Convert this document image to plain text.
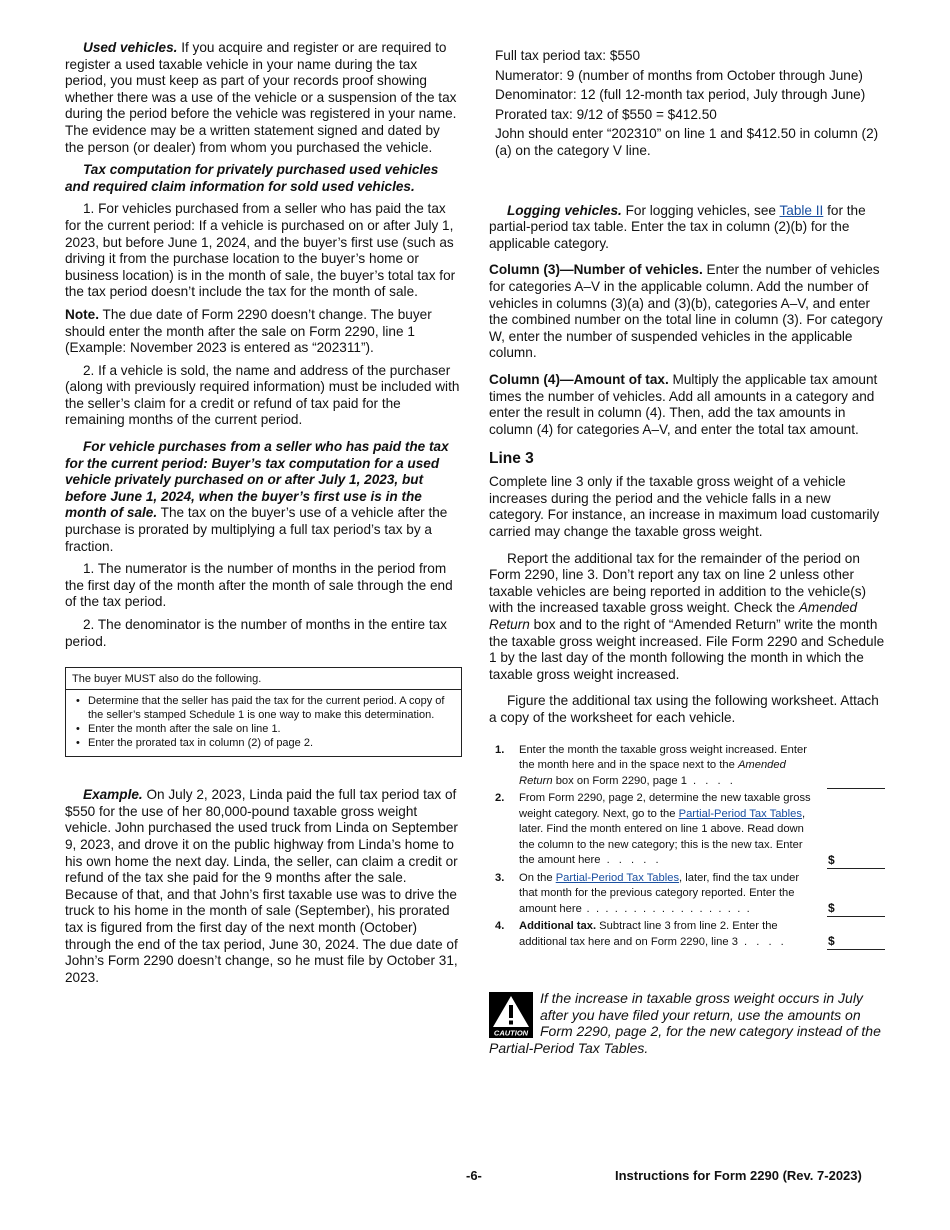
Used vehicles. If you acquire and register or are required to register a used taxable vehicle in your name during the tax period, you must keep as part of your records proof showing whether there was a use of the vehicle or a suspension of the tax during the period before the vehicle was registered in your name. The evidence may be a written statement signed and dated by the person (or dealer) from whom you purchased the vehicle.

Tax computation for privately purchased used vehicles and required claim information for sold used vehicles.

1. For vehicles purchased from a seller who has paid the tax for the current period: If a vehicle is purchased on or after July 1, 2023, but before June 1, 2024, and the buyer’s first use (such as driving it from the purchase location to the buyer’s home or business location) is in the month of sale, the buyer’s total tax for the tax period doesn’t include the tax for the month of sale.

Note. The due date of Form 2290 doesn’t change. The buyer should enter the month after the sale on Form 2290, line 1 (Example: November 2023 is entered as “202311”).

2. If a vehicle is sold, the name and address of the purchaser (along with previously required information) must be included with the seller’s claim for a credit or refund of tax paid for the remaining months of the current period.

For vehicle purchases from a seller who has paid the tax for the current period: Buyer’s tax computation for a used vehicle privately purchased on or after July 1, 2023, but before June 1, 2024, when the buyer’s first use is in the month of sale. The tax on the buyer’s use of a vehicle after the purchase is prorated by multiplying a full tax period’s tax by a fraction.

1. The numerator is the number of months in the period from the first day of the month after the month of sale through the end of the tax period.

2. The denominator is the number of months in the entire tax period.

The buyer MUST also do the following.
• Determine that the seller has paid the tax for the current period. A copy of the seller’s stamped Schedule 1 is one way to make this determination.
• Enter the month after the sale on line 1.
• Enter the prorated tax in column (2) of page 2.

Example. On July 2, 2023, Linda paid the full tax period tax of $550 for the use of her 80,000-pound taxable gross weight vehicle. John purchased the used truck from Linda on September 9, 2023, and drove it on the public highway from Linda’s home to his own home the next day. Linda, the seller, can claim a credit or refund of the tax she paid for the 9 months after the sale. Because of that, and that John’s first taxable use was to drive the truck to his home in the month of sale (September), his prorated tax is figured from the first day of the next month (October) through the end of the tax period, June 30, 2024. The due date of John’s Form 2290 doesn’t change, so he must file by October 31, 2023.

Full tax period tax: $550

Numerator: 9 (number of months from October through June)

Denominator: 12 (full 12-month tax period, July through June)

Prorated tax: 9/12 of $550 = $412.50

John should enter “202310” on line 1 and $412.50 in column (2)(a) on the category V line.

Logging vehicles. For logging vehicles, see Table II for the partial-period tax table. Enter the tax in column (2)(b) for the applicable category.

Column (3)—Number of vehicles. Enter the number of vehicles for categories A–V in the applicable column. Add the number of vehicles in columns (3)(a) and (3)(b), categories A–V, and enter the combined number on the total line in column (3). For category W, enter the number of suspended vehicles in the applicable column.

Column (4)—Amount of tax. Multiply the applicable tax amount times the number of vehicles. Add all amounts in a category and enter the result in column (4). Then, add the tax amounts in column (4) for categories A–V, and enter the total tax amount.

Line 3

Complete line 3 only if the taxable gross weight of a vehicle increases during the period and the vehicle falls in a new category. For instance, an increase in maximum load customarily carried may change the taxable gross weight.

Report the additional tax for the remainder of the period on Form 2290, line 3. Don’t report any tax on line 2 unless other taxable vehicles are being reported in addition to the vehicle(s) with the increased taxable gross weight. Check the Amended Return box and to the right of “Amended Return” write the month the taxable gross weight increased. File Form 2290 and Schedule 1 by the last day of the month following the month in which the taxable gross weight increased.

Figure the additional tax using the following worksheet. Attach a copy of the worksheet for each vehicle.

1.	Enter the month the taxable gross weight increased. Enter the month here and in the space next to the Amended Return box on Form 2290, page 1 . . . .
2.	From Form 2290, page 2, determine the new taxable gross weight category. Next, go to the Partial-Period Tax Tables, later. Find the month entered on line 1 above. Read down the column to the new category; this is the new tax. Enter the amount here . . . . .	$
3.	On the Partial-Period Tax Tables, later, find the tax under that month for the previous category reported. Enter the amount here . . . . . . . . . . . . . . . . . .	$
4.	Additional tax. Subtract line 3 from line 2. Enter the additional tax here and on Form 2290, line 3 . . . .	$
CAUTION
If the increase in taxable gross weight occurs in July after you have filed your return, use the amounts on Form 2290, page 2, for the new category instead of the Partial-Period Tax Tables.
-6-	Instructions for Form 2290 (Rev. 7-2023)
